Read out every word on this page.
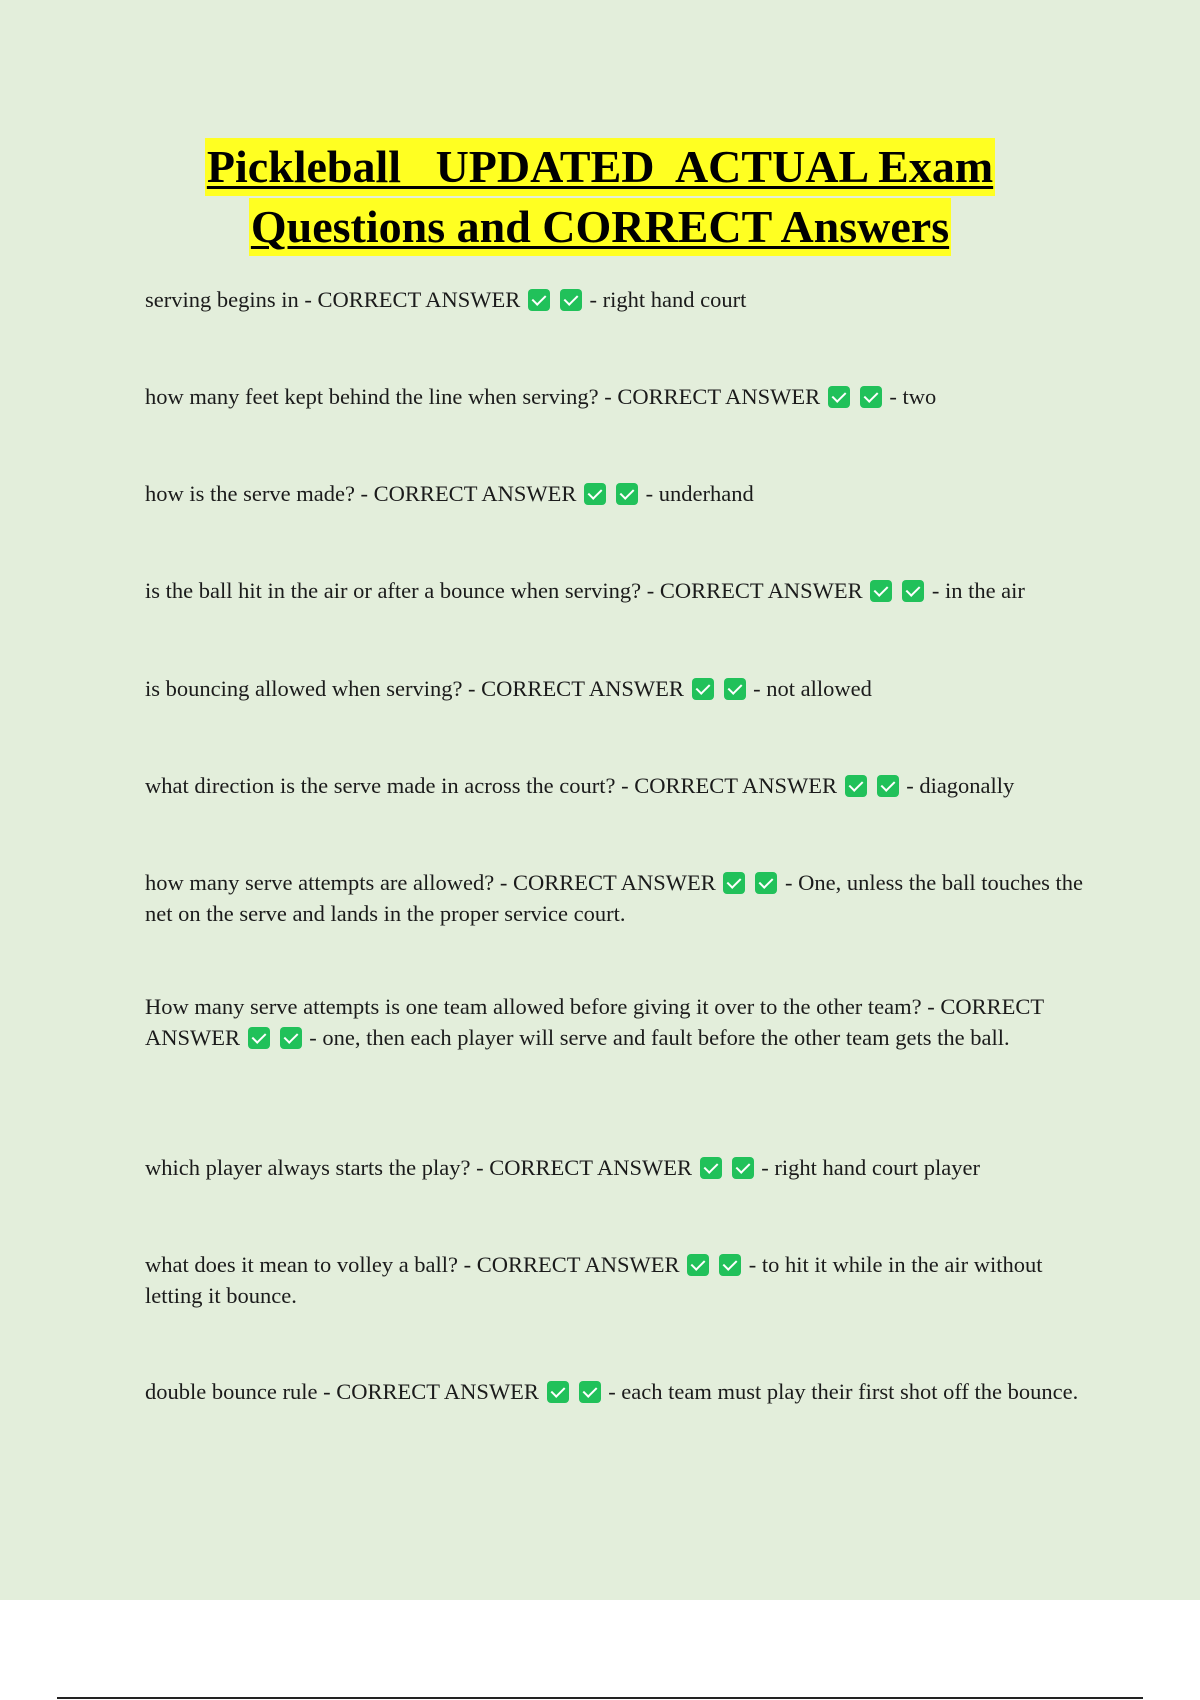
Pickleball   UPDATED  ACTUAL Exam
Questions and CORRECT Answers
serving begins in - CORRECT ANSWER	- right hand court
how many feet kept behind the line when serving? - CORRECT ANSWER	- two
how is the serve made? - CORRECT ANSWER	- underhand
is the ball hit in the air or after a bounce when serving? - CORRECT ANSWER	- in the air
is bouncing allowed when serving? - CORRECT ANSWER	- not allowed
what direction is the serve made in across the court? - CORRECT ANSWER	- diagonally
how many serve attempts are allowed? - CORRECT ANSWER	- One, unless the ball touches the net on the serve and lands in the proper service court.
How many serve attempts is one team allowed before giving it over to the other team? - CORRECT ANSWER	- one, then each player will serve and fault before the other team gets the ball.
which player always starts the play? - CORRECT ANSWER	- right hand court player
what does it mean to volley a ball? - CORRECT ANSWER	- to hit it while in the air without letting it bounce.
double bounce rule - CORRECT ANSWER	- each team must play their first shot off the bounce.
